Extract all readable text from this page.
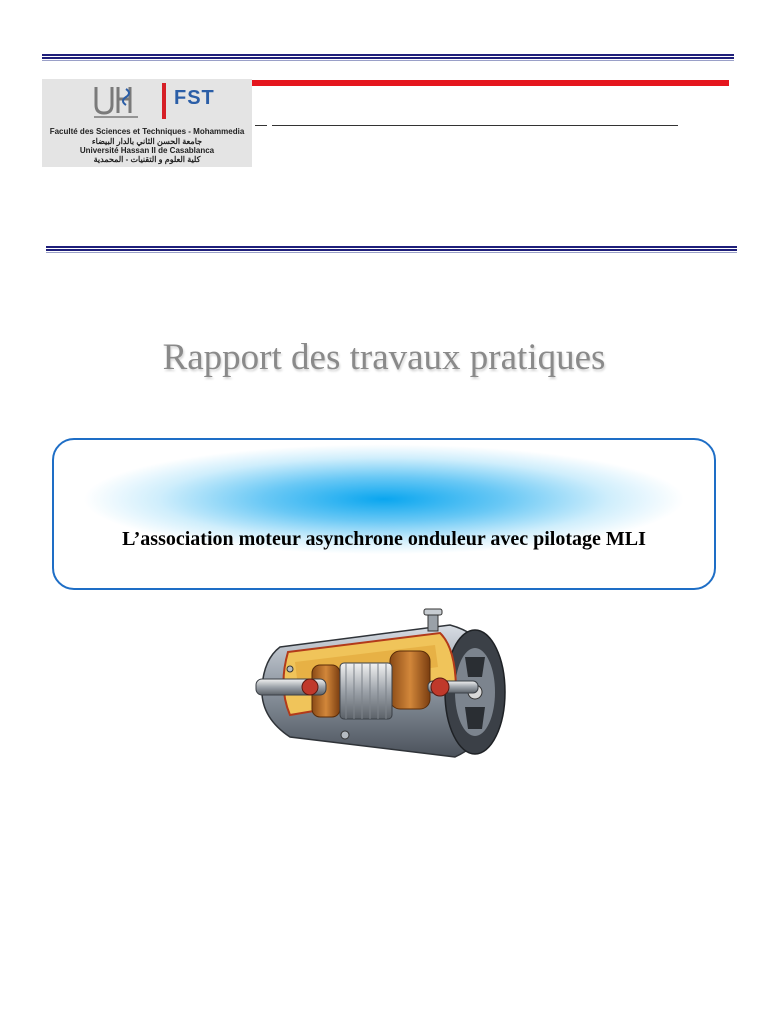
FST
Faculté des Sciences et Techniques - Mohammedia
جامعة الحسن الثاني بالدار البيضاء
Université Hassan II de Casablanca
كلية العلوم و التقنيات - المحمدية
Rapport des travaux pratiques
L’association moteur asynchrone onduleur avec pilotage MLI
